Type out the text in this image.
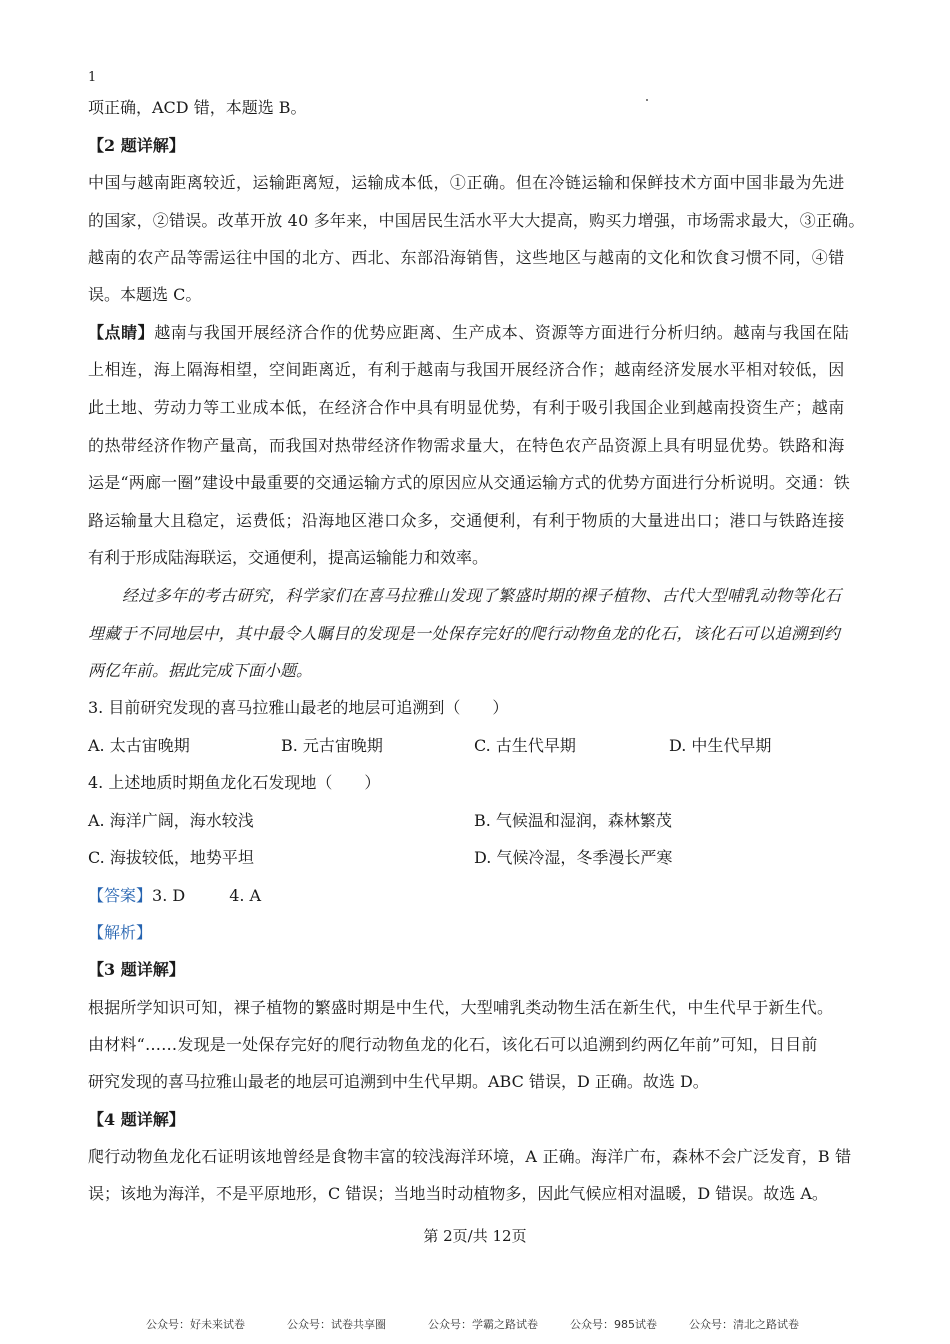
1
项正确，ACD 错，本题选 B。
【2 题详解】
中国与越南距离较近，运输距离短，运输成本低，①正确。但在冷链运输和保鲜技术方面中国非最为先进
的国家，②错误。改革开放 40 多年来，中国居民生活水平大大提高，购买力增强，市场需求最大，③正确。
越南的农产品等需运往中国的北方、西北、东部沿海销售，这些地区与越南的文化和饮食习惯不同，④错
误。本题选 C。
【点睛】越南与我国开展经济合作的优势应距离、生产成本、资源等方面进行分析归纳。越南与我国在陆
上相连，海上隔海相望，空间距离近，有利于越南与我国开展经济合作；越南经济发展水平相对较低，因
此土地、劳动力等工业成本低，在经济合作中具有明显优势，有利于吸引我国企业到越南投资生产；越南
的热带经济作物产量高，而我国对热带经济作物需求量大，在特色农产品资源上具有明显优势。铁路和海
运是“两廊一圈”建设中最重要的交通运输方式的原因应从交通运输方式的优势方面进行分析说明。交通：铁
路运输量大且稳定，运费低；沿海地区港口众多，交通便利，有利于物质的大量进出口；港口与铁路连接
有利于形成陆海联运，交通便利，提高运输能力和效率。
经过多年的考古研究，科学家们在喜马拉雅山发现了繁盛时期的裸子植物、古代大型哺乳动物等化石
埋藏于不同地层中，其中最令人瞩目的发现是一处保存完好的爬行动物鱼龙的化石，该化石可以追溯到约
两亿年前。据此完成下面小题。
3. 目前研究发现的喜马拉雅山最老的地层可追溯到（　　）
A. 太古宙晚期	B. 元古宙晚期	C. 古生代早期	D. 中生代早期
4. 上述地质时期鱼龙化石发现地（　　）
A. 海洋广阔，海水较浅	B. 气候温和湿润，森林繁茂
C. 海拔较低，地势平坦	D. 气候冷湿，冬季漫长严寒
【答案】3. D	4. A
【解析】
【3 题详解】
根据所学知识可知，裸子植物的繁盛时期是中生代，大型哺乳类动物生活在新生代，中生代早于新生代。
由材料“……发现是一处保存完好的爬行动物鱼龙的化石，该化石可以追溯到约两亿年前”可知，日目前
研究发现的喜马拉雅山最老的地层可追溯到中生代早期。ABC 错误，D 正确。故选 D。
【4 题详解】
爬行动物鱼龙化石证明该地曾经是食物丰富的较浅海洋环境，A 正确。海洋广布，森林不会广泛发育，B 错
误；该地为海洋，不是平原地形，C 错误；当地当时动植物多，因此气候应相对温暖，D 错误。故选 A。
第 2页/共 12页
公众号：好未来试卷	公众号：试卷共享圈	公众号：学霸之路试卷	公众号：985试卷	公众号：清北之路试卷
